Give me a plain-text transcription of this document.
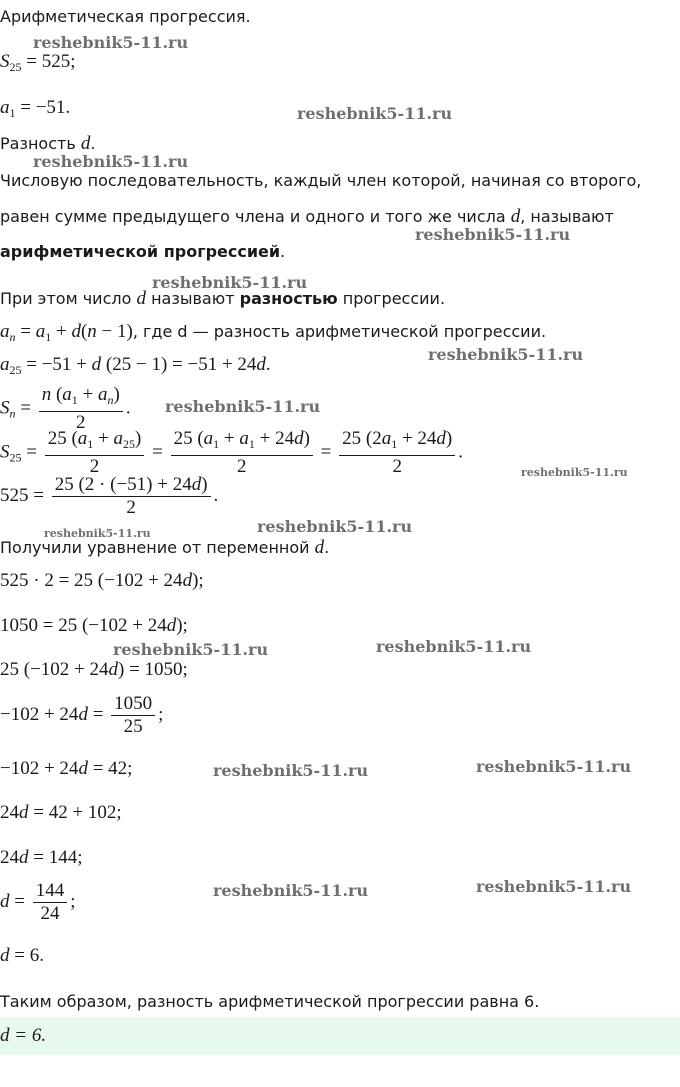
Арифметическая прогрессия.
$S_{25} = 525$;
$a_1 = -51$.
Разность d.
Числовую последовательность, каждый член которой, начиная со второго,
равен сумме предыдущего члена и одного и того же числа d, называют
арифметической прогрессией.
При этом число d называют разностью прогрессии.
$a_n = a_1 + d(n - 1)$, где d — разность арифметической прогрессии.
$a_{25} = -51 + d$ (25 − 1) = −51 + 24d.
$S_n = \frac{n (a_1 + a_n)}{2}$ .
$S_{25} = \frac{25 (a_1 + a_{25})}{2} = \frac{25 (a_1 + a_1 + 24d)}{2} = \frac{25 (2a_1 + 24d)}{2}$ .
$525 = \frac{25 (2 \cdot (-51) + 24d)}{2}$ .
Получили уравнение от переменной d.
525 · 2 = 25 (−102 + 24d);
1050 = 25 (−102 + 24d);
25 (−102 + 24d) = 1050;
$-102 + 24d = \frac{1050}{25}$ ;
−102 + 24d = 42;
24d = 42 + 102;
24d = 144;
$d = \frac{144}{24}$ ;
d = 6.
Таким образом, разность арифметической прогрессии равна 6.
d = 6.
reshebnik5-11.ru
reshebnik5-11.ru
reshebnik5-11.ru
reshebnik5-11.ru
reshebnik5-11.ru
reshebnik5-11.ru
reshebnik5-11.ru
reshebnik5-11.ru
reshebnik5-11.ru	reshebnik5-11.ru
reshebnik5-11.ru	reshebnik5-11.ru
reshebnik5-11.ru	reshebnik5-11.ru
reshebnik5-11.ru	reshebnik5-11.ru
